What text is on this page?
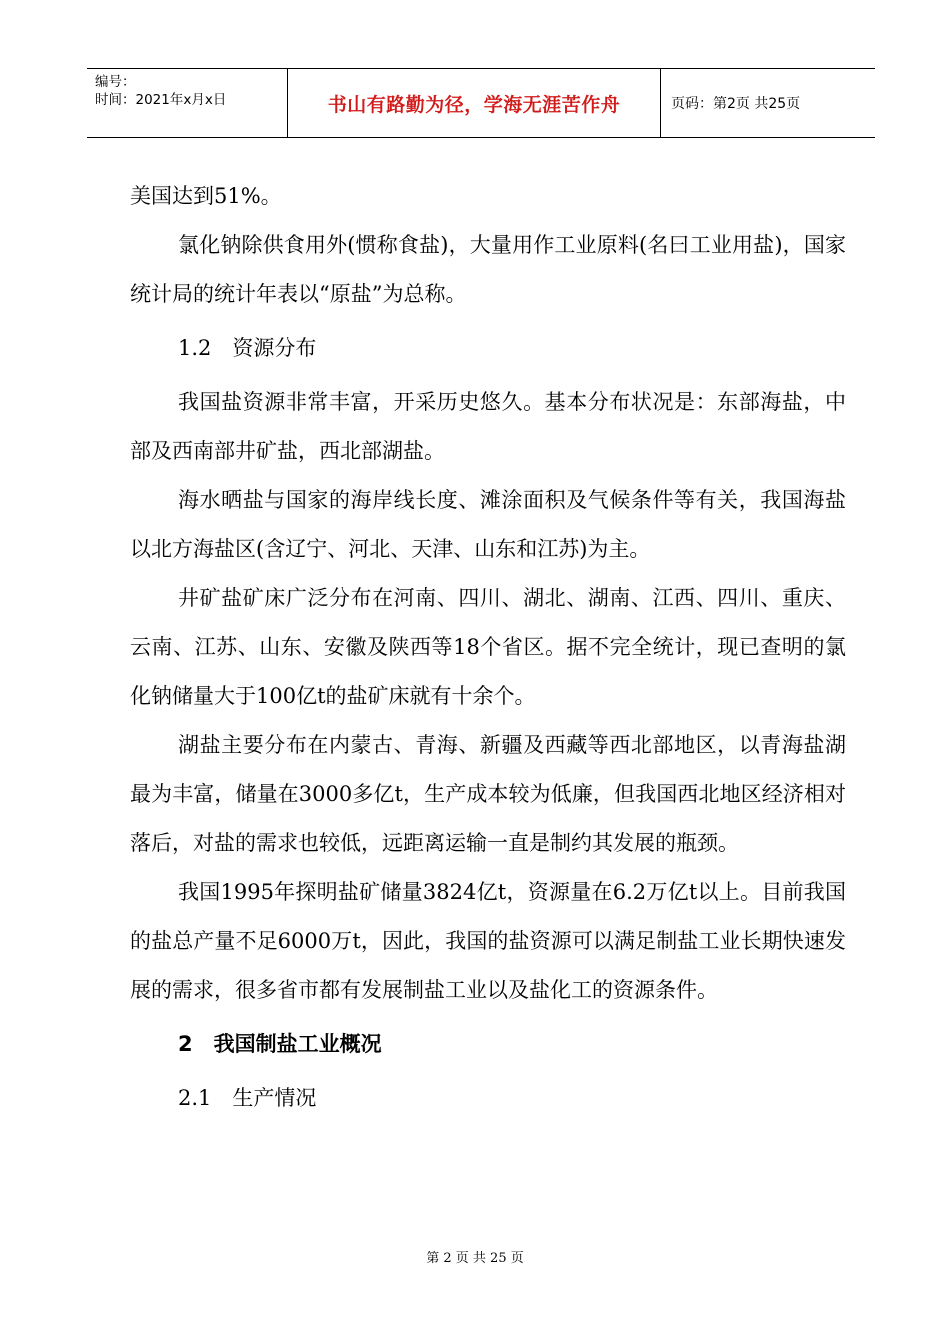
编号：
时间：2021年x月x日	书山有路勤为径，学海无涯苦作舟	页码：第2页 共25页

美国达到51%。

氯化钠除供食用外(惯称食盐)，大量用作工业原料(名曰工业用盐)，国家统计局的统计年表以“原盐”为总称。

1.2　资源分布

我国盐资源非常丰富，开采历史悠久。基本分布状况是：东部海盐，中部及西南部井矿盐，西北部湖盐。

海水晒盐与国家的海岸线长度、滩涂面积及气候条件等有关，我国海盐以北方海盐区(含辽宁、河北、天津、山东和江苏)为主。

井矿盐矿床广泛分布在河南、四川、湖北、湖南、江西、四川、重庆、云南、江苏、山东、安徽及陕西等18个省区。据不完全统计，现已查明的氯化钠储量大于100亿t的盐矿床就有十余个。

湖盐主要分布在内蒙古、青海、新疆及西藏等西北部地区，以青海盐湖最为丰富，储量在3000多亿t，生产成本较为低廉，但我国西北地区经济相对落后，对盐的需求也较低，远距离运输一直是制约其发展的瓶颈。

我国1995年探明盐矿储量3824亿t，资源量在6.2万亿t以上。目前我国的盐总产量不足6000万t，因此，我国的盐资源可以满足制盐工业长期快速发展的需求，很多省市都有发展制盐工业以及盐化工的资源条件。

2　我国制盐工业概况
2.1　生产情况
第 2 页 共 25 页
